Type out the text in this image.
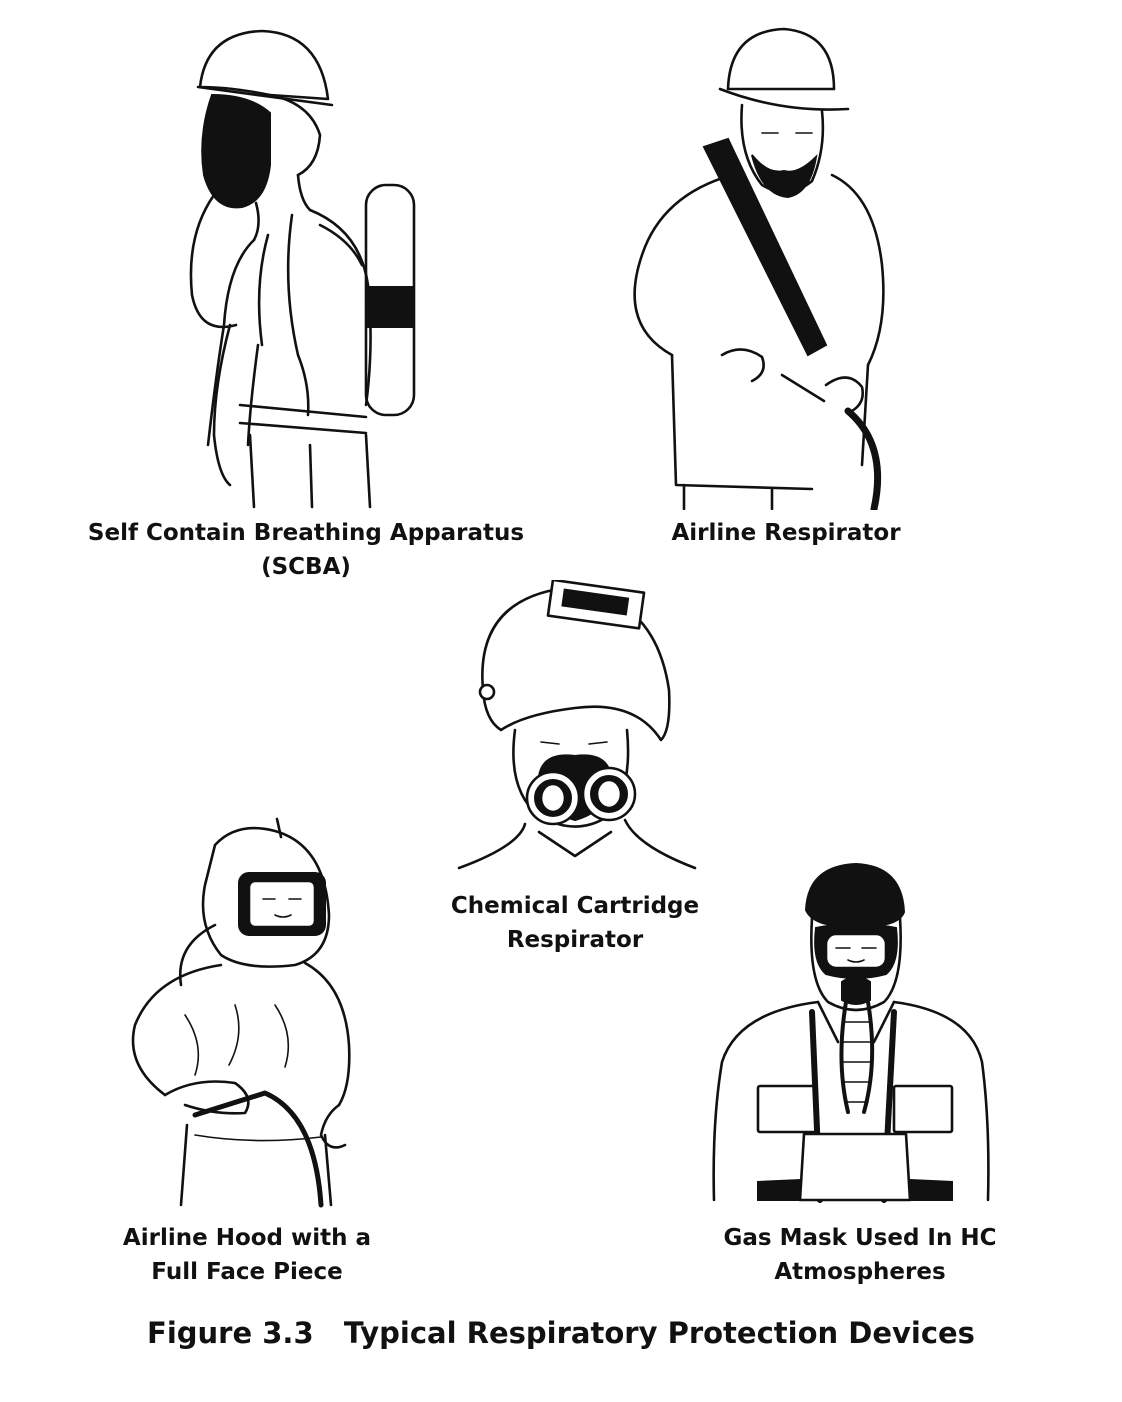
Self Contain Breathing Apparatus
(SCBA)
Airline Respirator
Chemical Cartridge
Respirator
Airline Hood with a
Full Face Piece
Gas Mask Used In HC
Atmospheres
Figure 3.3   Typical Respiratory Protection Devices
